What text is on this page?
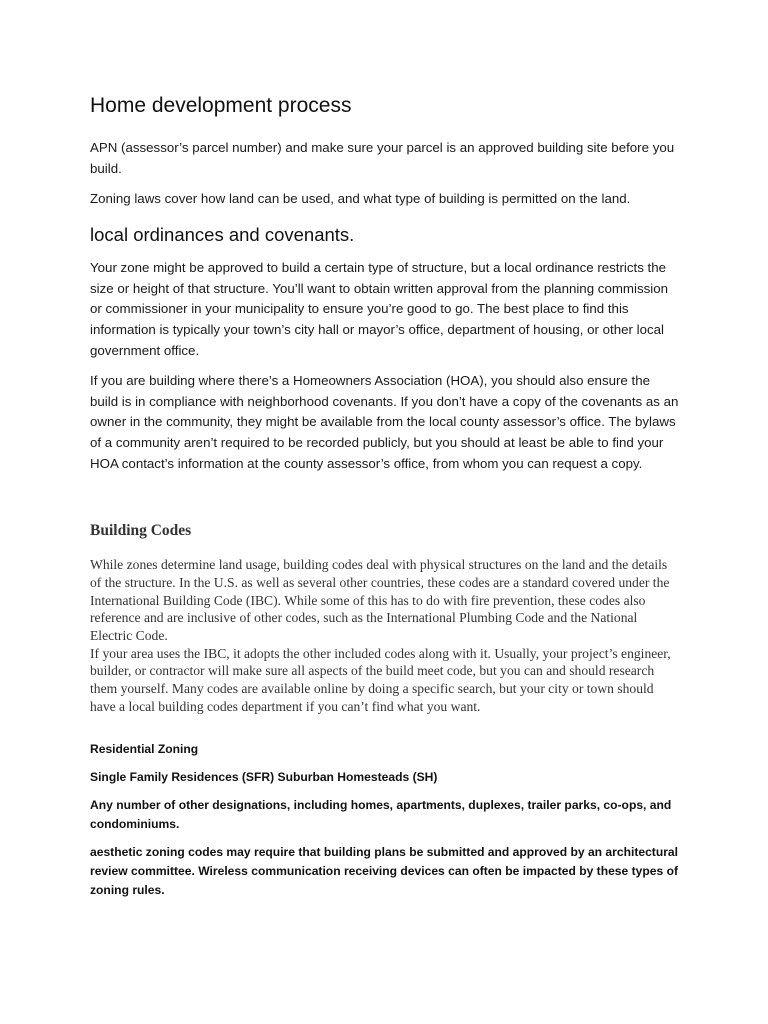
Home development process

APN (assessor’s parcel number) and make sure your parcel is an approved building site before you build.

Zoning laws cover how land can be used, and what type of building is permitted on the land.

local ordinances and covenants.

Your zone might be approved to build a certain type of structure, but a local ordinance restricts the size or height of that structure. You’ll want to obtain written approval from the planning commission or commissioner in your municipality to ensure you’re good to go. The best place to find this information is typically your town’s city hall or mayor’s office, department of housing, or other local government office.

If you are building where there’s a Homeowners Association (HOA), you should also ensure the build is in compliance with neighborhood covenants. If you don’t have a copy of the covenants as an owner in the community, they might be available from the local county assessor’s office. The bylaws of a community aren’t required to be recorded publicly, but you should at least be able to find your HOA contact’s information at the county assessor’s office, from whom you can request a copy.

Building Codes

While zones determine land usage, building codes deal with physical structures on the land and the details of the structure. In the U.S. as well as several other countries, these codes are a standard covered under the International Building Code (IBC). While some of this has to do with fire prevention, these codes also reference and are inclusive of other codes, such as the International Plumbing Code and the National Electric Code.

If your area uses the IBC, it adopts the other included codes along with it. Usually, your project’s engineer, builder, or contractor will make sure all aspects of the build meet code, but you can and should research them yourself. Many codes are available online by doing a specific search, but your city or town should have a local building codes department if you can’t find what you want.

Residential Zoning

Single Family Residences (SFR) Suburban Homesteads (SH)

Any number of other designations, including homes, apartments, duplexes, trailer parks, co-ops, and condominiums.

aesthetic zoning codes may require that building plans be submitted and approved by an architectural review committee. Wireless communication receiving devices can often be impacted by these types of zoning rules.
